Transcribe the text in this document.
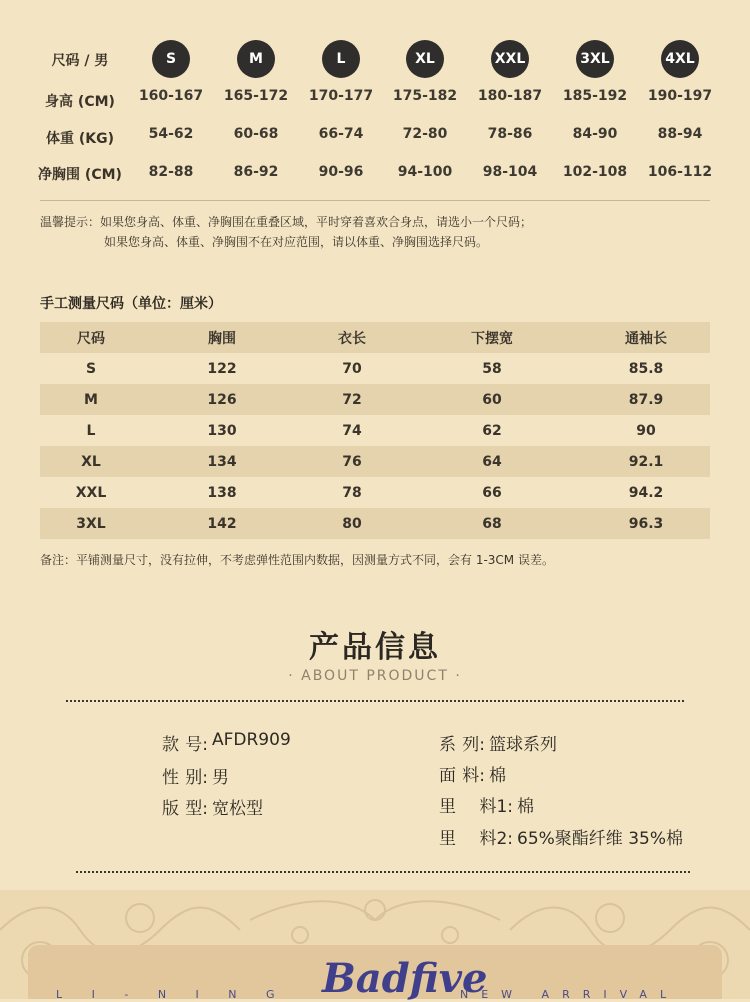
尺码 / 男	S	M	L	XL	XXL	3XL	4XL
身高 (CM)	160-167	165-172	170-177	175-182	180-187	185-192	190-197
体重 (KG)	54-62	60-68	66-74	72-80	78-86	84-90	88-94
净胸围 (CM)	82-88	86-92	90-96	94-100	98-104	102-108	106-112
温馨提示：如果您身高、体重、净胸围在重叠区域，平时穿着喜欢合身点，请选小一个尺码；
如果您身高、体重、净胸围不在对应范围，请以体重、净胸围选择尺码。
手工测量尺码（单位：厘米）
尺码	胸围	衣长	下摆宽	通袖长
S	122	70	58	85.8
M	126	72	60	87.9
L	130	74	62	90
XL	134	76	64	92.1
XXL	138	78	66	94.2
3XL	142	80	68	96.3
备注：平铺测量尺寸，没有拉伸，不考虑弹性范围内数据，因测量方式不同，会有 1-3CM 误差。
产品信息
· ABOUT PRODUCT ·
款 号: AFDR909
性 别: 男
版 型: 宽松型
系 列: 篮球系列
面 料: 棉
里 料1: 棉
里 料2: 65%聚酯纤维 35%棉
L I - N I N G Badfive
NEW ARRIVAL
